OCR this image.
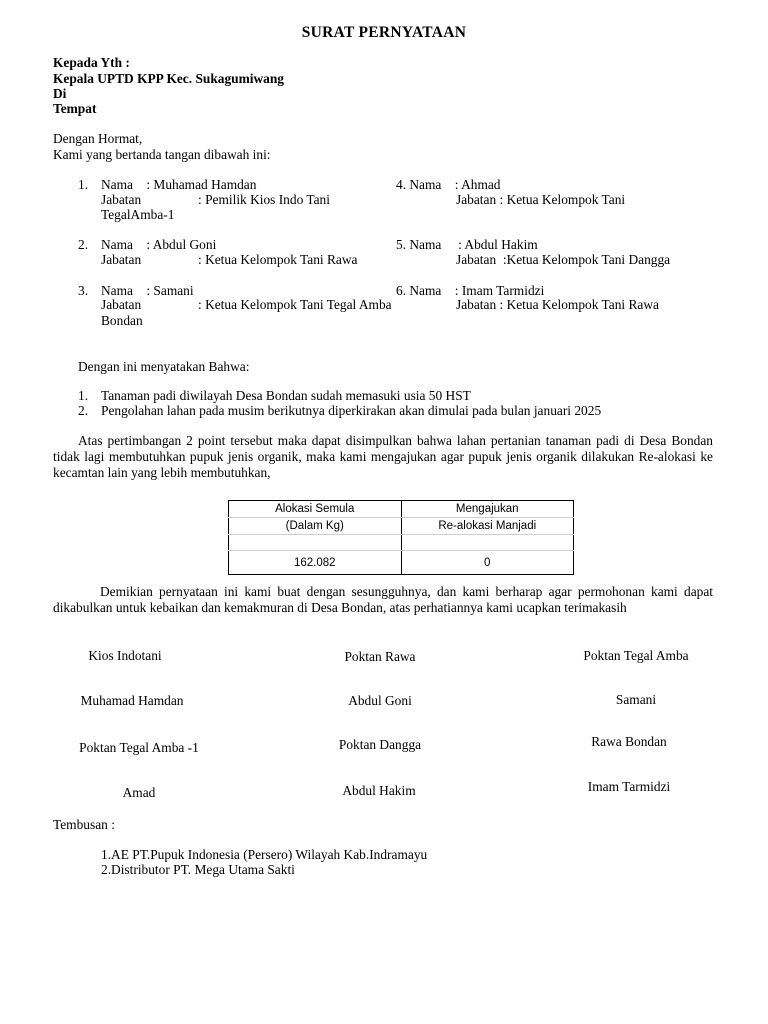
SURAT PERNYATAAN
Kepada Yth :
Kepala UPTD KPP Kec. Sukagumiwang
Di
Tempat
Dengan Hormat,
Kami yang bertanda tangan dibawah ini:
1. Nama    : Muhamad Hamdan
Jabatan	: Pemilik Kios Indo Tani
TegalAmba-1
4. Nama    : Ahmad
Jabatan : Ketua Kelompok Tani
2. Nama    : Abdul Goni
Jabatan	: Ketua Kelompok Tani Rawa
5. Nama     : Abdul Hakim
Jabatan  :Ketua Kelompok Tani Dangga
3. Nama    : Samani
Jabatan	: Ketua Kelompok Tani Tegal Amba
Bondan
6. Nama    : Imam Tarmidzi
Jabatan : Ketua Kelompok Tani Rawa
Dengan ini menyatakan Bahwa:
1. Tanaman padi diwilayah Desa Bondan sudah memasuki usia 50 HST
2. Pengolahan lahan pada musim berikutnya diperkirakan akan dimulai pada bulan januari 2025
Atas pertimbangan 2 point tersebut maka dapat disimpulkan bahwa lahan pertanian tanaman padi di Desa Bondan tidak lagi membutuhkan pupuk jenis organik, maka kami mengajukan agar pupuk jenis organik dilakukan Re-alokasi ke kecamtan lain yang lebih membutuhkan,
Alokasi Semula	Mengajukan
(Dalam Kg)	Re-alokasi Manjadi

162.082	0
Demikian pernyataan ini kami buat dengan sesungguhnya, dan kami berharap agar permohonan kami dapat dikabulkan untuk kebaikan dan kemakmuran di Desa Bondan, atas perhatiannya kami ucapkan terimakasih
Kios Indotani	Poktan Rawa	Poktan Tegal Amba
Muhamad Hamdan	Abdul Goni	Samani
Poktan Tegal Amba -1	Poktan Dangga	Rawa Bondan
Amad	Abdul Hakim	Imam Tarmidzi
Tembusan :
1.AE PT.Pupuk Indonesia (Persero) Wilayah Kab.Indramayu
2.Distributor PT. Mega Utama Sakti
